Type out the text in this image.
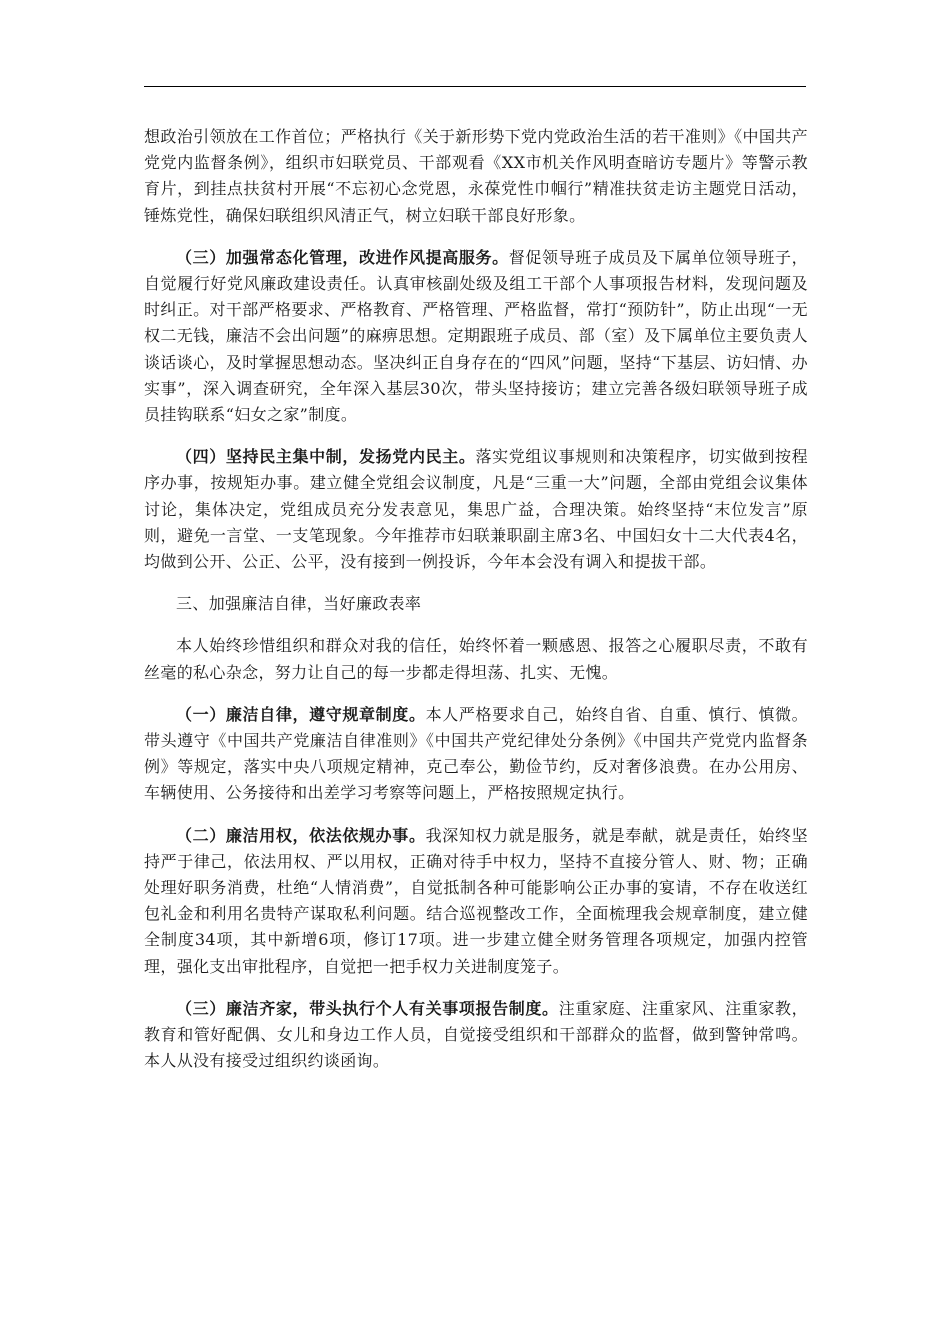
想政治引领放在工作首位；严格执行《关于新形势下党内党政治生活的若干准则》《中国共产党党内监督条例》，组织市妇联党员、干部观看《XX市机关作风明查暗访专题片》等警示教育片，到挂点扶贫村开展“不忘初心念党恩，永葆党性巾帼行”精准扶贫走访主题党日活动，锤炼党性，确保妇联组织风清正气，树立妇联干部良好形象。

（三）加强常态化管理，改进作风提高服务。督促领导班子成员及下属单位领导班子，自觉履行好党风廉政建设责任。认真审核副处级及组工干部个人事项报告材料，发现问题及时纠正。对干部严格要求、严格教育、严格管理、严格监督，常打“预防针”，防止出现“一无权二无钱，廉洁不会出问题”的麻痹思想。定期跟班子成员、部（室）及下属单位主要负责人谈话谈心，及时掌握思想动态。坚决纠正自身存在的“四风”问题，坚持“下基层、访妇情、办实事”，深入调查研究，全年深入基层30次，带头坚持接访；建立完善各级妇联领导班子成员挂钩联系“妇女之家”制度。

（四）坚持民主集中制，发扬党内民主。落实党组议事规则和决策程序，切实做到按程序办事，按规矩办事。建立健全党组会议制度，凡是“三重一大”问题，全部由党组会议集体讨论，集体决定，党组成员充分发表意见，集思广益，合理决策。始终坚持“末位发言”原则，避免一言堂、一支笔现象。今年推荐市妇联兼职副主席3名、中国妇女十二大代表4名，均做到公开、公正、公平，没有接到一例投诉，今年本会没有调入和提拔干部。

三、加强廉洁自律，当好廉政表率

本人始终珍惜组织和群众对我的信任，始终怀着一颗感恩、报答之心履职尽责，不敢有丝毫的私心杂念，努力让自己的每一步都走得坦荡、扎实、无愧。

（一）廉洁自律，遵守规章制度。本人严格要求自己，始终自省、自重、慎行、慎微。带头遵守《中国共产党廉洁自律准则》《中国共产党纪律处分条例》《中国共产党党内监督条例》等规定，落实中央八项规定精神，克己奉公，勤俭节约，反对奢侈浪费。在办公用房、车辆使用、公务接待和出差学习考察等问题上，严格按照规定执行。

（二）廉洁用权，依法依规办事。我深知权力就是服务，就是奉献，就是责任，始终坚持严于律己，依法用权、严以用权，正确对待手中权力，坚持不直接分管人、财、物；正确处理好职务消费，杜绝“人情消费”，自觉抵制各种可能影响公正办事的宴请，不存在收送红包礼金和利用名贵特产谋取私利问题。结合巡视整改工作，全面梳理我会规章制度，建立健全制度34项，其中新增6项，修订17项。进一步建立健全财务管理各项规定，加强内控管理，强化支出审批程序，自觉把一把手权力关进制度笼子。

（三）廉洁齐家，带头执行个人有关事项报告制度。注重家庭、注重家风、注重家教，教育和管好配偶、女儿和身边工作人员，自觉接受组织和干部群众的监督，做到警钟常鸣。本人从没有接受过组织约谈函询。
